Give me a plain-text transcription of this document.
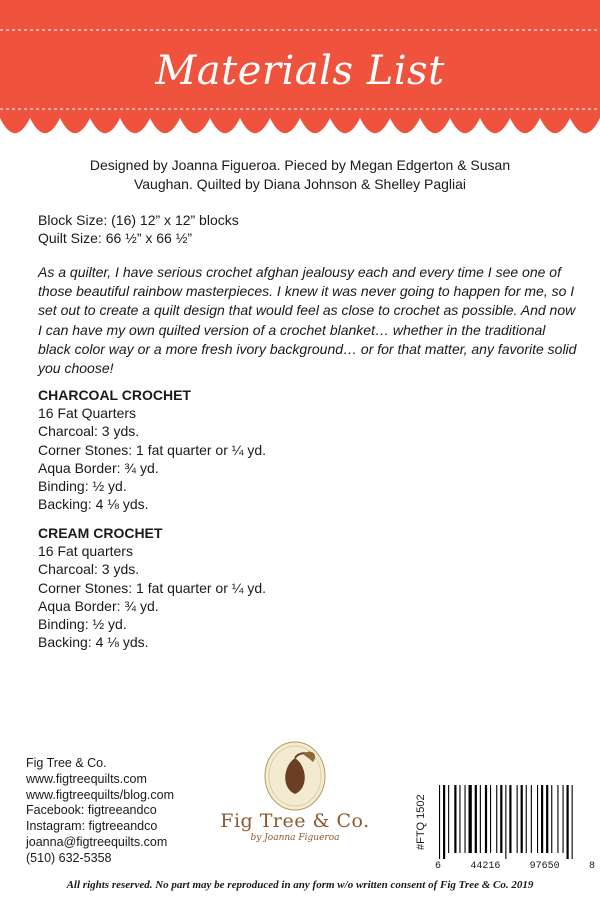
Materials List
Designed by Joanna Figueroa. Pieced by Megan Edgerton & Susan Vaughan. Quilted by Diana Johnson & Shelley Pagliai
Block Size: (16) 12” x 12” blocks
Quilt Size: 66 ½” x 66 ½”
As a quilter, I have serious crochet afghan jealousy each and every time I see one of those beautiful rainbow masterpieces. I knew it was never going to happen for me, so I set out to create a quilt design that would feel as close to crochet as possible. And now I can have my own quilted version of a crochet blanket… whether in the traditional black color way or a more fresh ivory background… or for that matter, any favorite solid you choose!
CHARCOAL CROCHET
16 Fat Quarters
Charcoal: 3 yds.
Corner Stones: 1 fat quarter or ¼ yd.
Aqua Border: ¾ yd.
Binding: ½ yd.
Backing: 4 ⅛ yds.
CREAM CROCHET
16 Fat quarters
Charcoal: 3 yds.
Corner Stones: 1 fat quarter or ¼ yd.
Aqua Border: ¾ yd.
Binding: ½ yd.
Backing: 4 ⅛ yds.
Fig Tree & Co.
www.figtreequilts.com
www.figtreequilts/blog.com
Facebook: figtreeandco
Instagram: figtreeandco
joanna@figtreequilts.com
(510) 632-5358
Fig Tree & Co.
by Joanna Figueroa	#FTQ 1502
6	44216	97650	8
All rights reserved. No part may be reproduced in any form w/o written consent of Fig Tree & Co. 2019
